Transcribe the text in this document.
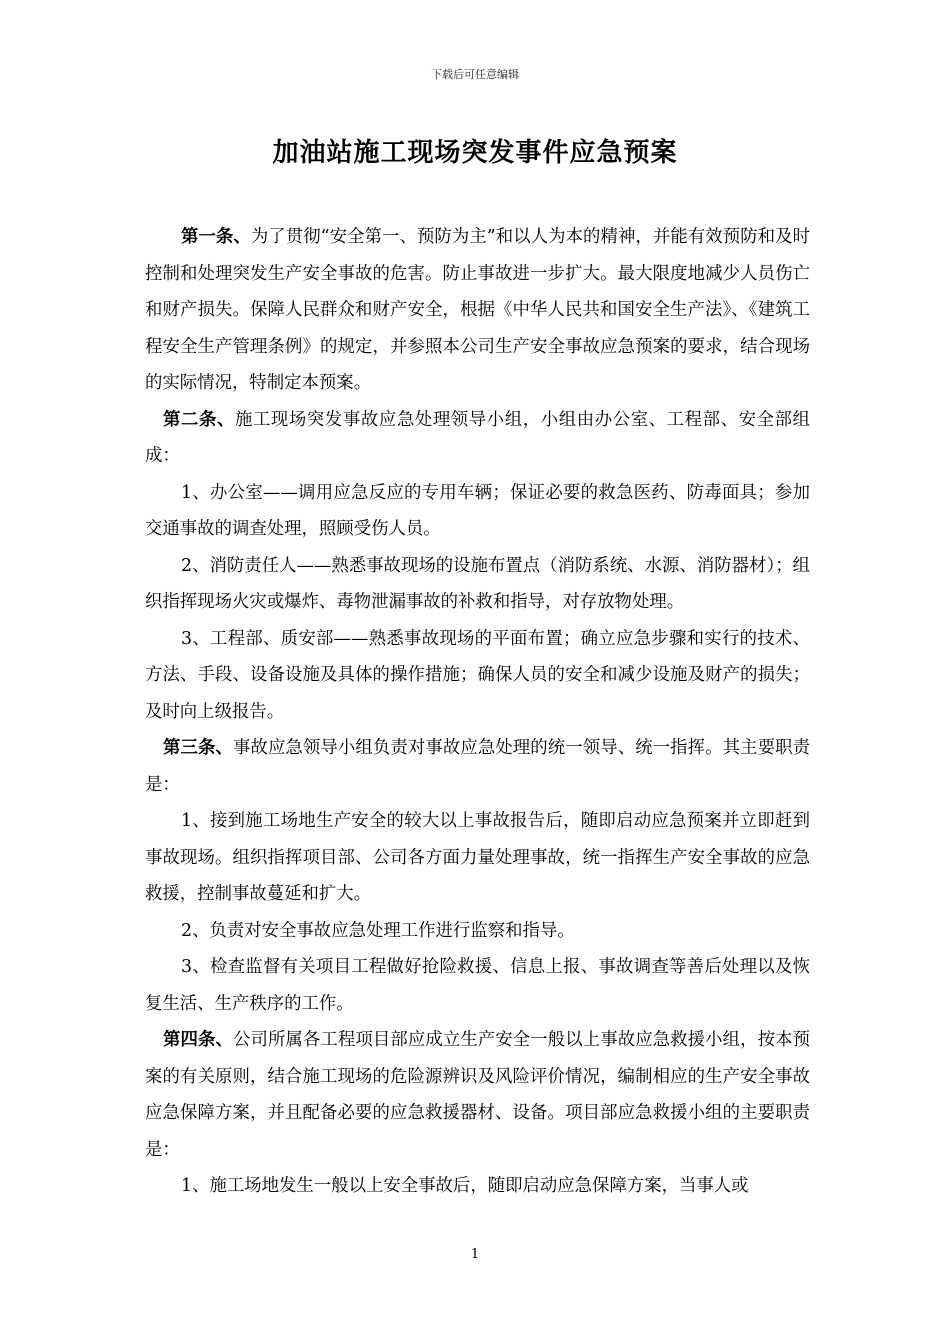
下载后可任意编辑
加油站施工现场突发事件应急预案

第一条、为了贯彻“安全第一、预防为主”和以人为本的精神，并能有效预防和及时控制和处理突发生产安全事故的危害。防止事故进一步扩大。最大限度地减少人员伤亡和财产损失。保障人民群众和财产安全，根据《中华人民共和国安全生产法》、《建筑工程安全生产管理条例》的规定，并参照本公司生产安全事故应急预案的要求，结合现场的实际情况，特制定本预案。

第二条、施工现场突发事故应急处理领导小组，小组由办公室、工程部、安全部组成：

1、办公室——调用应急反应的专用车辆；保证必要的救急医药、防毒面具；参加交通事故的调查处理，照顾受伤人员。

2、消防责任人——熟悉事故现场的设施布置点（消防系统、水源、消防器材）；组织指挥现场火灾或爆炸、毒物泄漏事故的补救和指导，对存放物处理。

3、工程部、质安部——熟悉事故现场的平面布置；确立应急步骤和实行的技术、方法、手段、设备设施及具体的操作措施；确保人员的安全和减少设施及财产的损失；及时向上级报告。

第三条、事故应急领导小组负责对事故应急处理的统一领导、统一指挥。其主要职责是：

1、接到施工场地生产安全的较大以上事故报告后，随即启动应急预案并立即赶到事故现场。组织指挥项目部、公司各方面力量处理事故，统一指挥生产安全事故的应急救援，控制事故蔓延和扩大。

2、负责对安全事故应急处理工作进行监察和指导。

3、检查监督有关项目工程做好抢险救援、信息上报、事故调查等善后处理以及恢复生活、生产秩序的工作。

第四条、公司所属各工程项目部应成立生产安全一般以上事故应急救援小组，按本预案的有关原则，结合施工现场的危险源辨识及风险评价情况，编制相应的生产安全事故应急保障方案，并且配备必要的应急救援器材、设备。项目部应急救援小组的主要职责是：

1、施工场地发生一般以上安全事故后，随即启动应急保障方案，当事人或

1
